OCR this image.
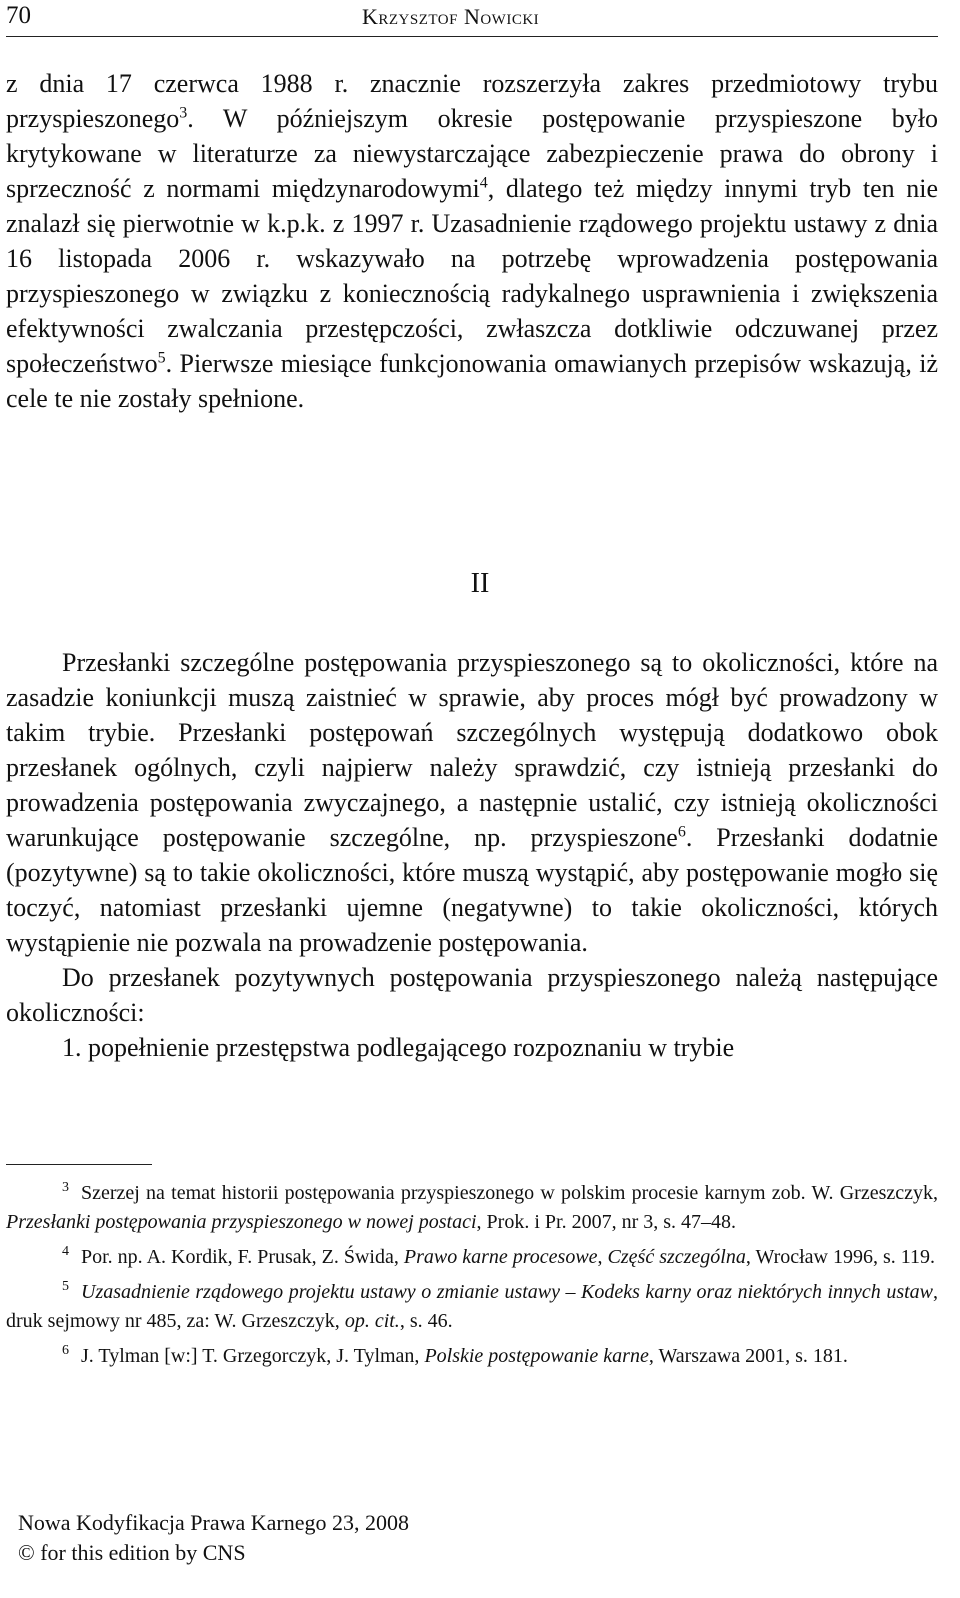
70	Krzysztof Nowicki
z dnia 17 czerwca 1988 r. znacznie rozszerzyła zakres przedmiotowy trybu przyspieszonego$^3$. W późniejszym okresie postępowanie przyspieszone było krytykowane w literaturze za niewystarczające zabezpieczenie prawa do obrony i sprzeczność z normami międzynarodowymi$^4$, dlatego też między innymi tryb ten nie znalazł się pierwotnie w k.p.k. z 1997 r. Uzasadnienie rządowego projektu ustawy z dnia 16 listopada 2006 r. wskazywało na potrzebę wprowadzenia postępowania przyspieszonego w związku z koniecznością radykalnego usprawnienia i zwiększenia efektywności zwalczania przestępczości, zwłaszcza dotkliwie odczuwanej przez społeczeństwo$^5$. Pierwsze miesiące funkcjonowania omawianych przepisów wskazują, iż cele te nie zostały spełnione.
II
Przesłanki szczególne postępowania przyspieszonego są to okoliczności, które na zasadzie koniunkcji muszą zaistnieć w sprawie, aby proces mógł być prowadzony w takim trybie. Przesłanki postępowań szczególnych występują dodatkowo obok przesłanek ogólnych, czyli najpierw należy sprawdzić, czy istnieją przesłanki do prowadzenia postępowania zwyczajnego, a następnie ustalić, czy istnieją okoliczności warunkujące postępowanie szczególne, np. przyspieszone$^6$. Przesłanki dodatnie (pozytywne) są to takie okoliczności, które muszą wystąpić, aby postępowanie mogło się toczyć, natomiast przesłanki ujemne (negatywne) to takie okoliczności, których wystąpienie nie pozwala na prowadzenie postępowania.
Do przesłanek pozytywnych postępowania przyspieszonego należą następujące okoliczności:
1. popełnienie przestępstwa podlegającego rozpoznaniu w trybie

$^3$ Szerzej na temat historii postępowania przyspieszonego w polskim procesie karnym zob. W. Grzeszczyk, Przesłanki postępowania przyspieszonego w nowej postaci, Prok. i Pr. 2007, nr 3, s. 47–48.

$^4$ Por. np. A. Kordik, F. Prusak, Z. Świda, Prawo karne procesowe, Część szczególna, Wrocław 1996, s. 119.

$^5$ Uzasadnienie rządowego projektu ustawy o zmianie ustawy – Kodeks karny oraz niektórych innych ustaw, druk sejmowy nr 485, za: W. Grzeszczyk, op. cit., s. 46.

$^6$ J. Tylman [w:] T. Grzegorczyk, J. Tylman, Polskie postępowanie karne, Warszawa 2001, s. 181.

Nowa Kodyfikacja Prawa Karnego 23, 2008
© for this edition by CNS
